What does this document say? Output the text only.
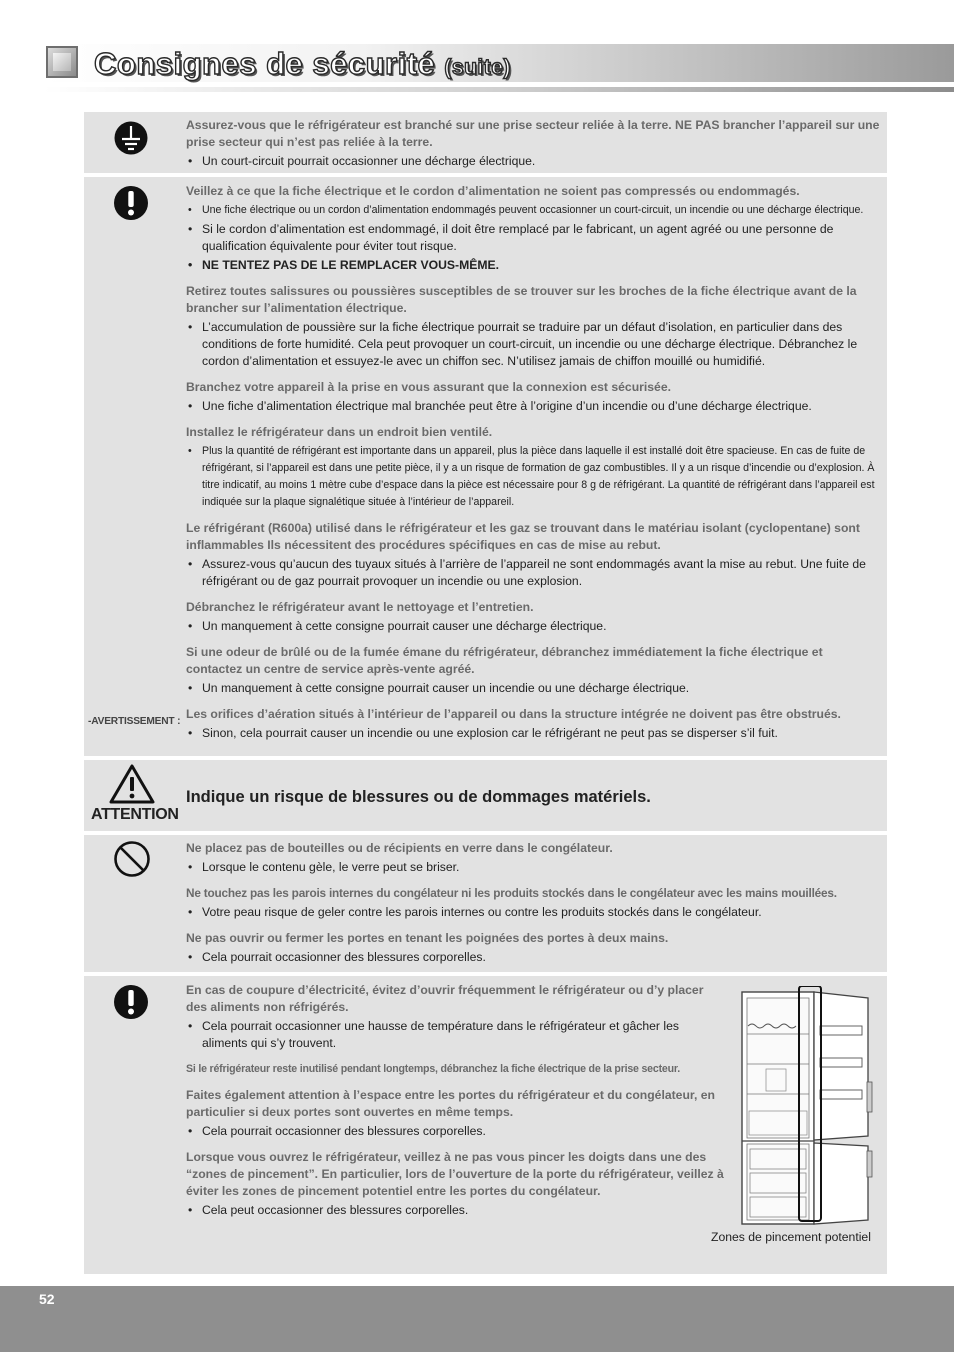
Consignes de sécurité (suite)

Assurez-vous que le réfrigérateur est branché sur une prise secteur reliée à la terre. NE PAS brancher l’appareil sur une prise secteur qui n’est pas reliée à la terre.

• Un court-circuit pourrait occasionner une décharge électrique.

Veillez à ce que la fiche électrique et le cordon d’alimentation ne soient pas compressés ou endommagés.

• Une fiche électrique ou un cordon d’alimentation endommagés peuvent occasionner un court-circuit, un incendie ou une décharge électrique.

• Si le cordon d’alimentation est endommagé, il doit être remplacé par le fabricant, un agent agréé ou une personne de qualification équivalente pour éviter tout risque.

• NE TENTEZ PAS DE LE REMPLACER VOUS-MÊME.

Retirez toutes salissures ou poussières susceptibles de se trouver sur les broches de la fiche électrique avant de la brancher sur l’alimentation électrique.

• L’accumulation de poussière sur la fiche électrique pourrait se traduire par un défaut d’isolation, en particulier dans des conditions de forte humidité. Cela peut provoquer un court-circuit, un incendie ou une décharge électrique. Débranchez le cordon d’alimentation et essuyez-le avec un chiffon sec. N’utilisez jamais de chiffon mouillé ou humidifié.

Branchez votre appareil à la prise en vous assurant que la connexion est sécurisée.

• Une fiche d’alimentation électrique mal branchée peut être à l’origine d’un incendie ou d’une décharge électrique.

Installez le réfrigérateur dans un endroit bien ventilé.

• Plus la quantité de réfrigérant est importante dans un appareil, plus la pièce dans laquelle il est installé doit être spacieuse. En cas de fuite de réfrigérant, si l’appareil est dans une petite pièce, il y a un risque de formation de gaz combustibles. Il y a un risque d’incendie ou d’explosion. À titre indicatif, au moins 1 mètre cube d’espace dans la pièce est nécessaire pour 8 g de réfrigérant. La quantité de réfrigérant dans l’appareil est indiquée sur la plaque signalétique située à l’intérieur de l’appareil.

Le réfrigérant (R600a) utilisé dans le réfrigérateur et les gaz se trouvant dans le matériau isolant (cyclopentane) sont inflammables Ils nécessitent des procédures spécifiques en cas de mise au rebut.

• Assurez-vous qu’aucun des tuyaux situés à l’arrière de l’appareil ne sont endommagés avant la mise au rebut. Une fuite de réfrigérant ou de gaz pourrait provoquer un incendie ou une explosion.

Débranchez le réfrigérateur avant le nettoyage et l’entretien.

• Un manquement à cette consigne pourrait causer une décharge électrique.

Si une odeur de brûlé ou de la fumée émane du réfrigérateur, débranchez immédiatement la fiche électrique et contactez un centre de service après-vente agréé.

• Un manquement à cette consigne pourrait causer un incendie ou une décharge électrique.

Les orifices d’aération situés à l’intérieur de l’appareil ou dans la structure intégrée ne doivent pas être obstrués.

• Sinon, cela pourrait causer un incendie ou une explosion car le réfrigérant ne peut pas se disperser s’il fuit.

-AVERTISSEMENT :
ATTENTION
Indique un risque de blessures ou de dommages matériels.

Ne placez pas de bouteilles ou de récipients en verre dans le congélateur.

• Lorsque le contenu gèle, le verre peut se briser.

Ne touchez pas les parois internes du congélateur ni les produits stockés dans le congélateur avec les mains mouillées.

• Votre peau risque de geler contre les parois internes ou contre les produits stockés dans le congélateur.

Ne pas ouvrir ou fermer les portes en tenant les poignées des portes à deux mains.

• Cela pourrait occasionner des blessures corporelles.

En cas de coupure d’électricité, évitez d’ouvrir fréquemment le réfrigérateur ou d’y placer des aliments non réfrigérés.

• Cela pourrait occasionner une hausse de température dans le réfrigérateur et gâcher les aliments qui s’y trouvent.

Si le réfrigérateur reste inutilisé pendant longtemps, débranchez la fiche électrique de la prise secteur.

Faites également attention à l’espace entre les portes du réfrigérateur et du congélateur, en particulier si deux portes sont ouvertes en même temps.

• Cela pourrait occasionner des blessures corporelles.

Lorsque vous ouvrez le réfrigérateur, veillez à ne pas vous pincer les doigts dans une des “zones de pincement”. En particulier, lors de l’ouverture de la porte du réfrigérateur, veillez à éviter les zones de pincement potentiel entre les portes du congélateur.

• Cela peut occasionner des blessures corporelles.

Zones de pincement potentiel
52
